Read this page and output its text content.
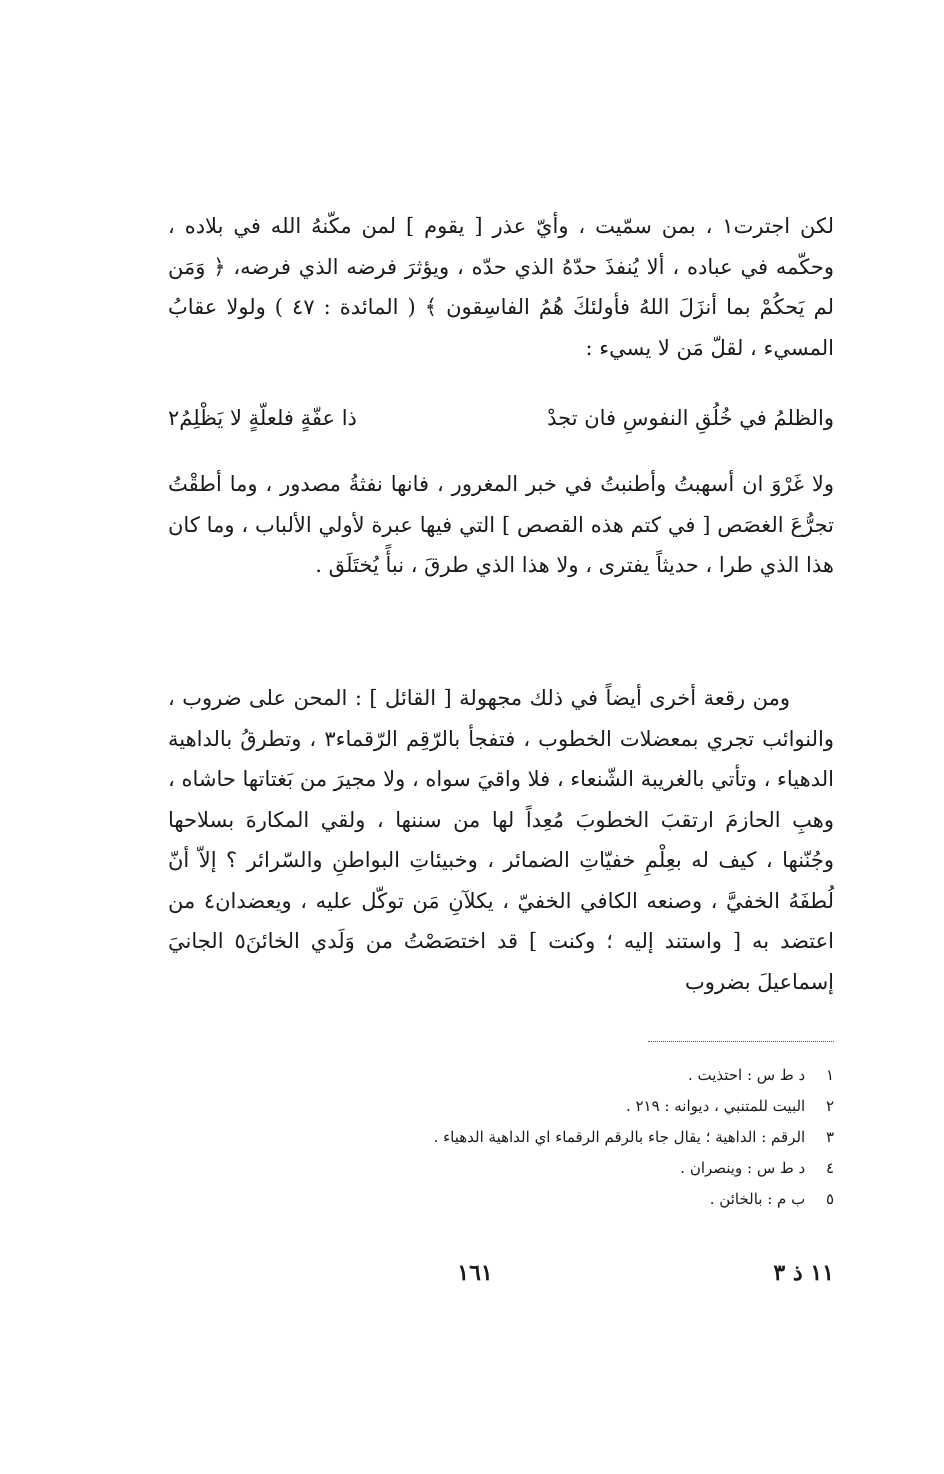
لكن اجترت١ ، بمن سمّيت ، وأيّ عذر [ يقوم ] لمن مكّنهُ الله في بلاده ، وحكّمه في عباده ، ألا يُنفذَ حدّهُ الذي حدّه ، ويؤثرَ فرضه الذي فرضه، ﴿ وَمَن لم يَحكُمْ بما أنزَلَ اللهُ فأولئكَ هُمُ الفاسِقون ﴾ ( المائدة : ٤٧ ) ولولا عقابُ المسيء ، لقلّ مَن لا يسيء :

والظلمُ في خُلُقِ النفوسِ فان تجدْ
ذا عفّةٍ فلعلّةٍ لا يَظْلِمُ٢

ولا غَرْوَ ان أسهبتُ وأطنبتُ في خبر المغرور ، فانها نفثةُ مصدور ، وما أطقْتُ تجرُّعَ الغصَص [ في كتم هذه القصص ] التي فيها عبرة لأولي الألباب ، وما كان هذا الذي طرا ، حديثاً يفترى ، ولا هذا الذي طرقَ ، نبأً يُختَلَق .

ومن رقعة أخرى أيضاً في ذلك مجهولة [ القائل ] : المحن على ضروب ، والنوائب تجري بمعضلات الخطوب ، فتفجأ بالرّقِم الرّقماء٣ ، وتطرقُ بالداهية الدهياء ، وتأتي بالغريبة الشّنعاء ، فلا واقيَ سواه ، ولا مجيرَ من بَغتاتها حاشاه ، وهبِ الحازمَ ارتقبَ الخطوبَ مُعِداً لها من سننها ، ولقي المكارهَ بسلاحها وجُنّنها ، كيف له بعِلْمِ خفيّاتِ الضمائر ، وخبيئاتِ البواطنِ والسّرائر ؟ إلاّ أنّ لُطفَهُ الخفيَّ ، وصنعه الكافي الخفيّ ، يكلآنِ مَن توكّل عليه ، ويعضدان٤ من اعتضد به [ واستند إليه ؛ وكنت ] قد اختصَصْتُ من وَلَدي الخائنَ٥ الجانيَ إسماعيلَ بضروب

١ د ط س : احتذيت .
٢ البيت للمتنبي ، ديوانه : ٢١٩ .
٣ الرقم : الداهية ؛ يقال جاء بالرقم الرقماء اي الداهية الدهياء .
٤ د ط س : وينصران .
٥ ب م : بالخائن .
١٦١	١١ ذ ٣
